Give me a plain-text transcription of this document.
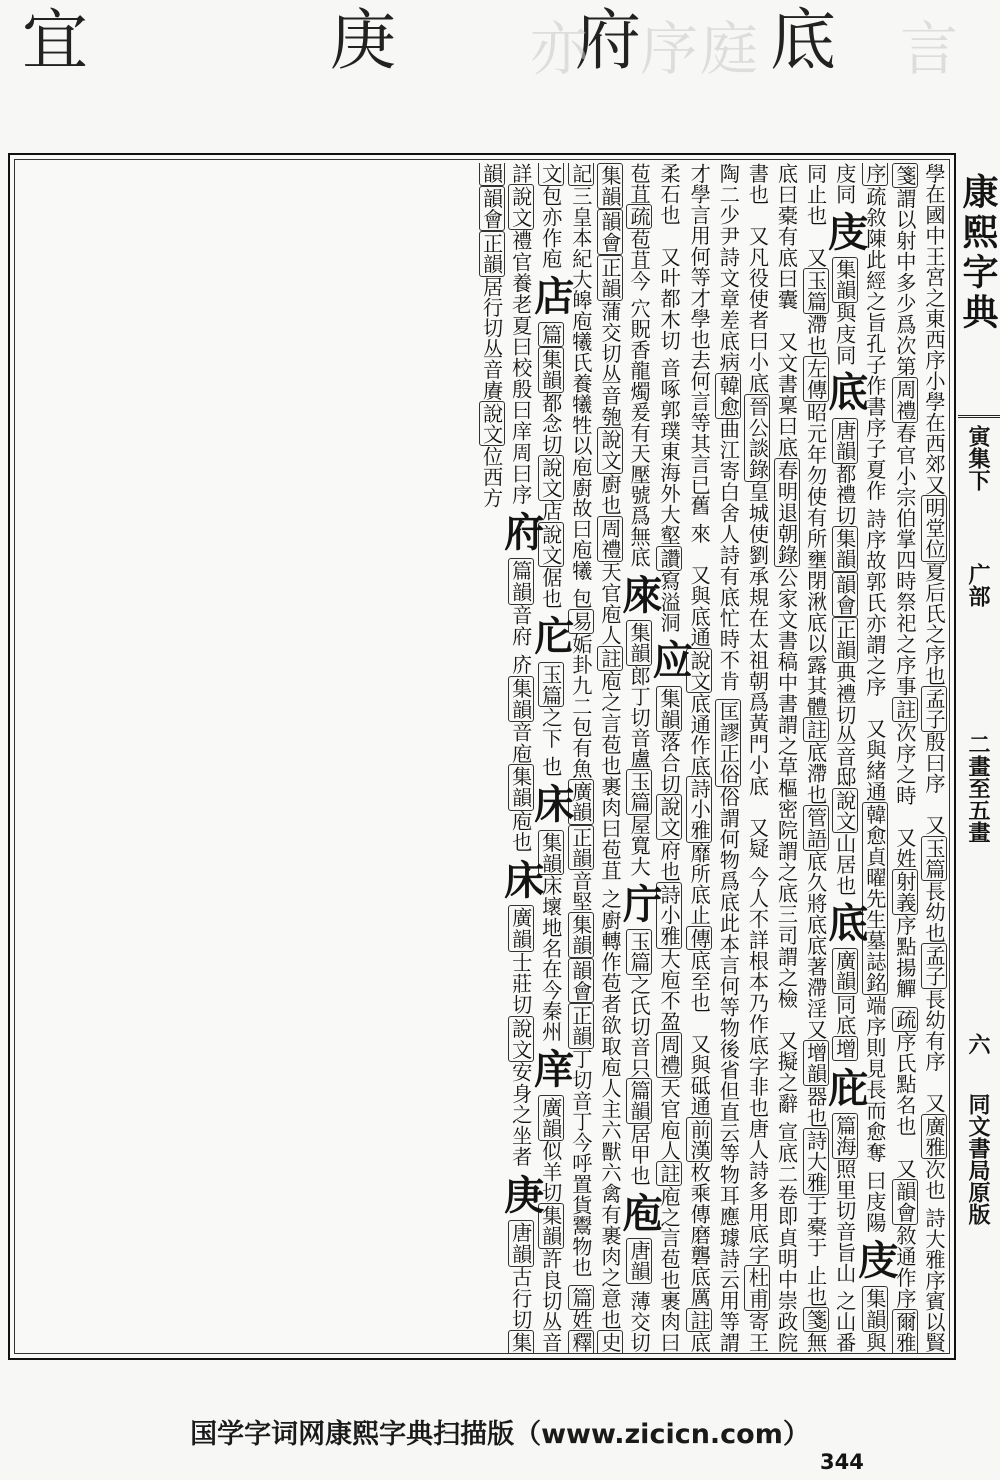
宜	庚	府 底
亦 序 庭 言
學在國中王宮之東西序小學在西郊又明堂位夏后氏之序也孟子殷曰序　又玉篇長幼也孟子長幼有序　又廣雅次也 詩大雅序賓以賢箋謂以射中多少爲次第周禮春官小宗伯掌四時祭祀之序事註次序之時　又姓射義序點揚觶 疏序氏點名也　又韻會敘通作序爾雅序疏敘陳此經之旨孔子作書序子夏作 詩序故郭氏亦謂之序　又與緒通韓愈貞曜先生墓誌銘端序則見長而愈奪 曰庋陽庋集韻與庋同庋集韻與庋同底唐韻都禮切集韻韻會正韻典禮切丛音邸說文山居也底廣韻同底增庇篇海照里切音旨山 之山番同止也　又玉篇滯也左傳昭元年勿使有所壅閉湫底以露其體註底滯也管語底久將底底著滯淫又增韻器也詩大雅于橐于 止也箋無底曰橐有底曰囊　又文書稟曰底春明退朝錄公家文書稿中書謂之草樞密院謂之底三司謂之檢　又擬之辭 宣底二卷即貞明中崇政院書也　又凡役使者曰小底晉公談錄皇城使劉承規在太祖朝爲黃門小底　又疑 今人不詳根本乃作底字非也唐人詩多用底字杜甫寄王陶二少尹詩文章差底病韓愈曲江寄白舍人詩有底忙時不肯 匡謬正俗俗謂何物爲底此本言何等物後省但直云等物耳應璩詩云用等謂才學言用何等才學也去何言等其言已舊 來　又與底通說文底通作底詩小雅靡所底止傳底至也　又與砥通前漢枚乘傳磨礱底厲註底柔石也　又叶都木切 音啄郭璞東海外大壑讚寫溢洞应集韻落合切說文府也詩小雅大庖不盈周禮天官庖人註庖之言苞也裹肉曰苞苴疏苞苴今 穴貺香龍燭爰有天壓號爲無底庲集韻郎丁切音盧玉篇屋寬大庁玉篇之氏切音只篇韻居甲也庖唐韻 薄交切集韻韻會正韻蒲交切丛音匏說文廚也周禮天官庖人註庖之言苞也裹肉曰苞苴 之廚轉作苞者欲取庖人主六獸六禽有裹肉之意也史記三皇本紀大皞庖犧氏養犧牲以庖廚故曰庖犧 包易姤卦九二包有魚廣韻正韻音堅集韻韻會正韻丁切音丁今呼置貨鬻物也 篇姓釋文包亦作庖店篇集韻都念切說文店說文倨也庀玉篇之下 也床集韻床壞地名在今秦州庠廣韻似羊切集韻許良切丛音詳說文禮官養老夏曰校殷曰庠周曰序府篇韻音府 庎集韻音庖集韻庖也床廣韻士莊切說文安身之坐者庚唐韻古行切集韻韻會正韻居行切丛音賡說文位西方
康熙字典
寅集下
广部
二畫至五畫
六
同文書局原版
国学字词网康熙字典扫描版（www.zicicn.com）
344
